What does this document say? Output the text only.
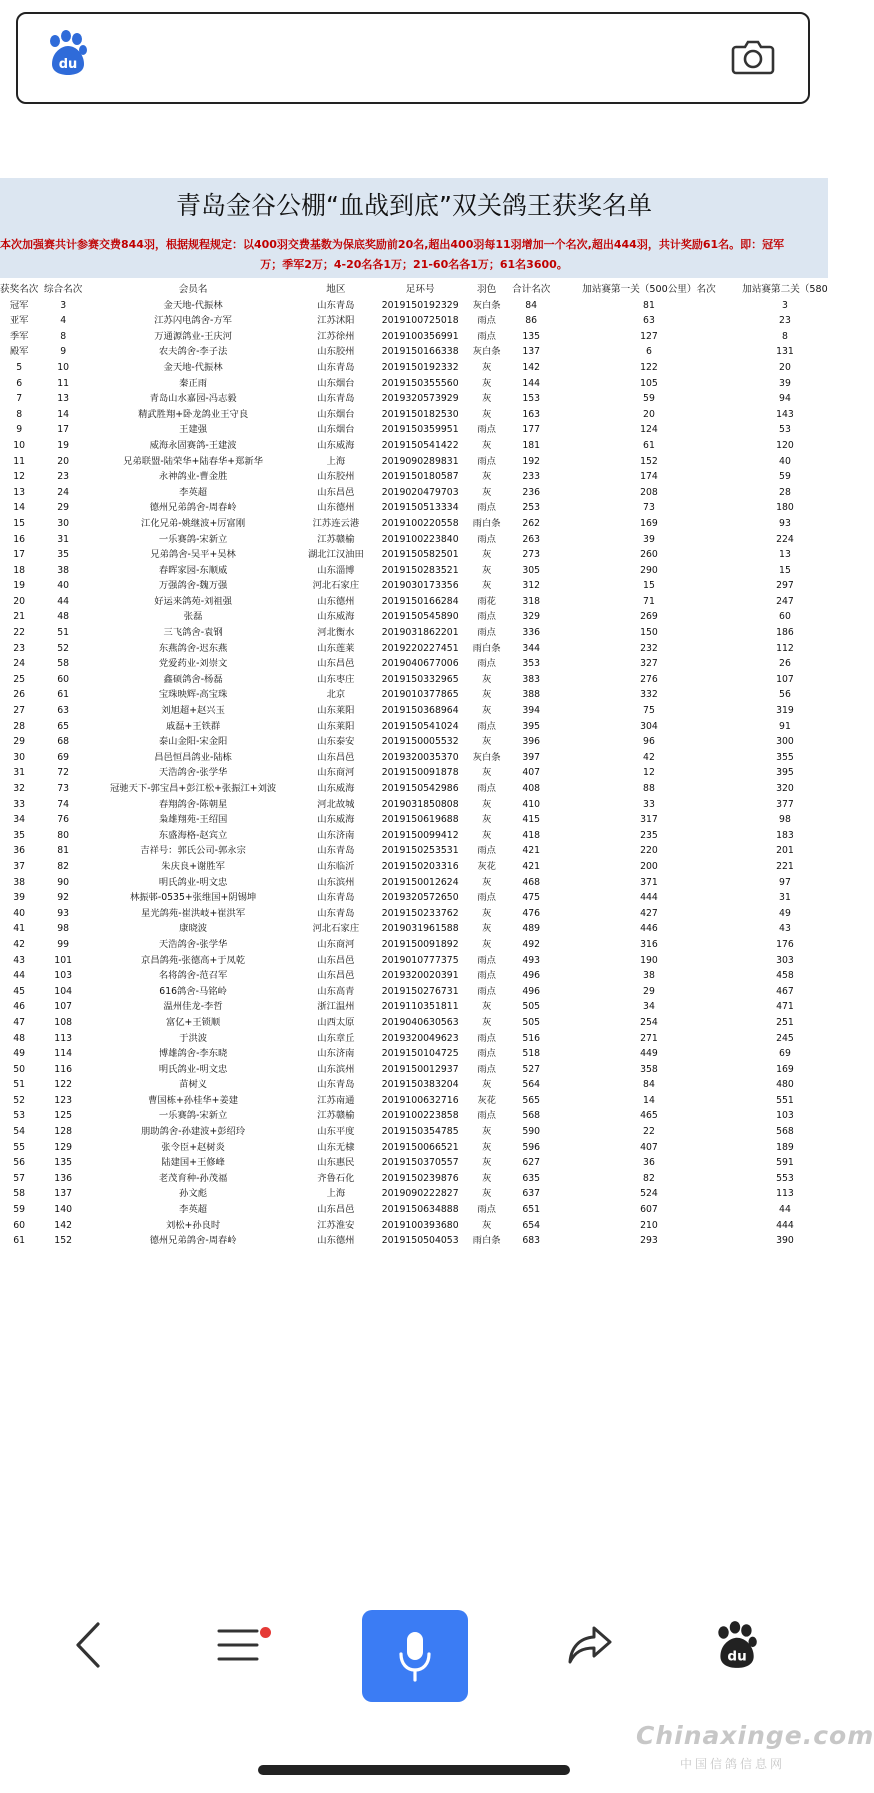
du
青岛金谷公棚“血战到底”双关鸽王获奖名单
本次加强赛共计参赛交费844羽，根据规程规定：以400羽交费基数为保底奖励前20名,超出400羽每11羽增加一个名次,超出444羽，共计奖励61名。即：冠军
万；季军2万；4-20名各1万；21-60名各1万；61名3600。
获奖名次	综合名次	会员名	地区	足环号	羽色	合计名次	加站赛第一关（500公里）名次	加站赛第二关（580
冠军	3	金天地-代振林	山东青岛	2019150192329	灰白条	84	81	3
亚军	4	江苏闪电鸽舍-方军	江苏沭阳	2019100725018	雨点	86	63	23
季军	8	万通源鸽业-王庆河	江苏徐州	2019100356991	雨点	135	127	8
殿军	9	农夫鸽舍-李子法	山东胶州	2019150166338	灰白条	137	6	131
5	10	金天地-代振林	山东青岛	2019150192332	灰	142	122	20
6	11	秦正雨	山东烟台	2019150355560	灰	144	105	39
7	13	青岛山水嘉园-冯志毅	山东青岛	2019320573929	灰	153	59	94
8	14	精武胜翔+卧龙鸽业王守良	山东烟台	2019150182530	灰	163	20	143
9	17	王建强	山东烟台	2019150359951	雨点	177	124	53
10	19	威海永固赛鸽-王建波	山东威海	2019150541422	灰	181	61	120
11	20	兄弟联盟-陆荣华+陆春华+郑新华	上海	2019090289831	雨点	192	152	40
12	23	永神鸽业-曹金胜	山东胶州	2019150180587	灰	233	174	59
13	24	李英超	山东昌邑	2019020479703	灰	236	208	28
14	29	德州兄弟鸽舍-周春岭	山东德州	2019150513334	雨点	253	73	180
15	30	江化兄弟-姚继波+厉富刚	江苏连云港	2019100220558	雨白条	262	169	93
16	31	一乐赛鸽-宋新立	江苏赣榆	2019100223840	雨点	263	39	224
17	35	兄弟鸽舍-吴平+吴林	湖北江汉油田	2019150582501	灰	273	260	13
18	38	春晖家园-东顺威	山东淄博	2019150283521	灰	305	290	15
19	40	万强鸽舍-魏万强	河北石家庄	2019030173356	灰	312	15	297
20	44	好运来鸽苑-刘祖强	山东德州	2019150166284	雨花	318	71	247
21	48	张磊	山东威海	2019150545890	雨点	329	269	60
22	51	三飞鸽舍-袁钢	河北衡水	2019031862201	雨点	336	150	186
23	52	东燕鸽舍-迟东燕	山东莲莱	2019220227451	雨白条	344	232	112
24	58	党爱药业-刘崇文	山东昌邑	2019040677006	雨点	353	327	26
25	60	鑫硕鸽舍-杨磊	山东枣庄	2019150332965	灰	383	276	107
26	61	宝珠映辉-高宝珠	北京	2019010377865	灰	388	332	56
27	63	刘旭超+赵兴玉	山东莱阳	2019150368964	灰	394	75	319
28	65	戚磊+王铁群	山东莱阳	2019150541024	雨点	395	304	91
29	68	泰山金阳-宋金阳	山东泰安	2019150005532	灰	396	96	300
30	69	昌邑恒昌鸽业-陆栋	山东昌邑	2019320035370	灰白条	397	42	355
31	72	天浩鸽舍-张学华	山东商河	2019150091878	灰	407	12	395
32	73	冠驰天下-郭宝昌+彭江松+张振江+刘波	山东威海	2019150542986	雨点	408	88	320
33	74	春翔鸽舍-陈朝星	河北故城	2019031850808	灰	410	33	377
34	76	枭雄翔苑-王绍国	山东威海	2019150619688	灰	415	317	98
35	80	东盛海格-赵宾立	山东济南	2019150099412	灰	418	235	183
36	81	吉祥号：郭氏公司-郭永宗	山东青岛	2019150253531	雨点	421	220	201
37	82	朱庆良+谢胜军	山东临沂	2019150203316	灰花	421	200	221
38	90	明氏鸽业-明文忠	山东滨州	2019150012624	灰	468	371	97
39	92	林振邨-0535+张维国+阴锡坤	山东青岛	2019320572650	雨点	475	444	31
40	93	星光鸽苑-崔洪岐+崔洪军	山东青岛	2019150233762	灰	476	427	49
41	98	康晓波	河北石家庄	2019031961588	灰	489	446	43
42	99	天浩鸽舍-张学华	山东商河	2019150091892	灰	492	316	176
43	101	京昌鸽苑-张德高+于凤乾	山东昌邑	2019010777375	雨点	493	190	303
44	103	名将鸽舍-范召军	山东昌邑	2019320020391	雨点	496	38	458
45	104	616鸽舍-马铭岭	山东高青	2019150276731	雨点	496	29	467
46	107	温州佳龙-李哲	浙江温州	2019110351811	灰	505	34	471
47	108	富亿+王锁顺	山西太原	2019040630563	灰	505	254	251
48	113	于洪波	山东章丘	2019320049623	雨点	516	271	245
49	114	博雄鸽舍-李东晓	山东济南	2019150104725	雨点	518	449	69
50	116	明氏鸽业-明文忠	山东滨州	2019150012937	雨点	527	358	169
51	122	苗树义	山东青岛	2019150383204	灰	564	84	480
52	123	曹国栋+孙桂华+姜建	江苏南通	2019100632716	灰花	565	14	551
53	125	一乐赛鸽-宋新立	江苏赣榆	2019100223858	雨点	568	465	103
54	128	朋助鸽舍-孙建波+彭绍玲	山东平度	2019150354785	灰	590	22	568
55	129	张令臣+赵树炎	山东无棣	2019150066521	灰	596	407	189
56	135	陆建国+王修峰	山东惠民	2019150370557	灰	627	36	591
57	136	老茂育种-孙茂福	齐鲁石化	2019150239876	灰	635	82	553
58	137	孙文彪	上海	2019090222827	灰	637	524	113
59	140	李英超	山东昌邑	2019150634888	雨点	651	607	44
60	142	刘松+孙良时	江苏淮安	2019100393680	灰	654	210	444
61	152	德州兄弟鸽舍-周春岭	山东德州	2019150504053	雨白条	683	293	390
du
Chinaxinge.com
中国信鸽信息网
